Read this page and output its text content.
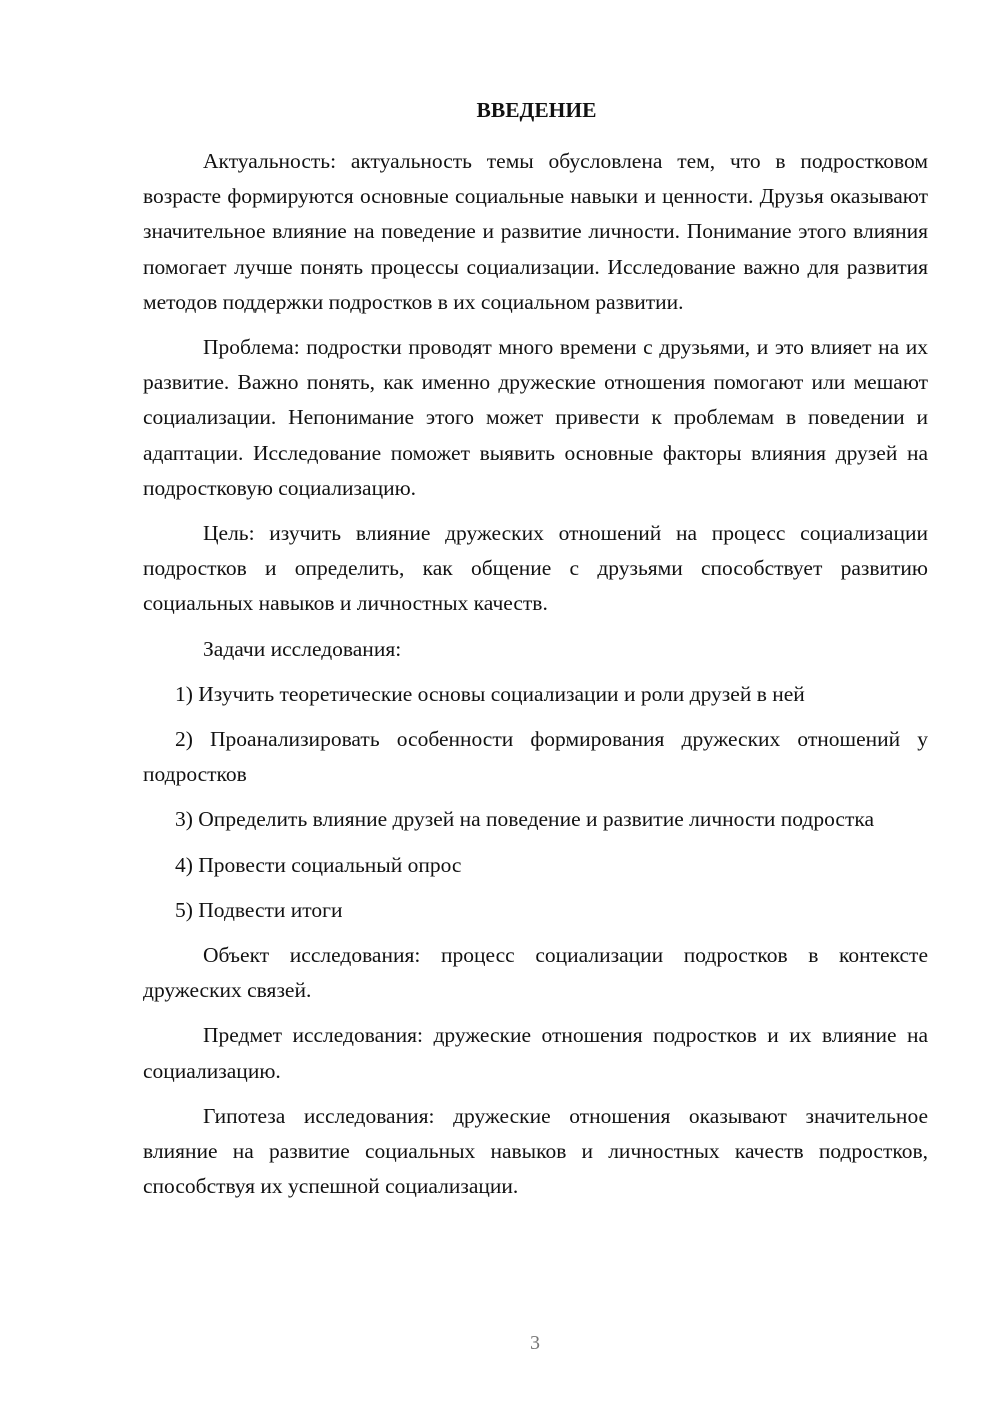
ВВЕДЕНИЕ

Актуальность: актуальность темы обусловлена тем, что в подростковом возрасте формируются основные социальные навыки и ценности. Друзья оказывают значительное влияние на поведение и развитие личности. Понимание этого влияния помогает лучше понять процессы социализации. Исследование важно для развития методов поддержки подростков в их социальном развитии.

Проблема: подростки проводят много времени с друзьями, и это влияет на их развитие. Важно понять, как именно дружеские отношения помогают или мешают социализации. Непонимание этого может привести к проблемам в поведении и адаптации. Исследование поможет выявить основные факторы влияния друзей на подростковую социализацию.

Цель: изучить влияние дружеских отношений на процесс социализации подростков и определить, как общение с друзьями способствует развитию социальных навыков и личностных качеств.

Задачи исследования:

1) Изучить теоретические основы социализации и роли друзей в ней

2) Проанализировать особенности формирования дружеских отношений у подростков

3) Определить влияние друзей на поведение и развитие личности подростка

4) Провести социальный опрос

5) Подвести итоги

Объект исследования: процесс социализации подростков в контексте дружеских связей.

Предмет исследования: дружеские отношения подростков и их влияние на социализацию.

Гипотеза исследования: дружеские отношения оказывают значительное влияние на развитие социальных навыков и личностных качеств подростков, способствуя их успешной социализации.

3
